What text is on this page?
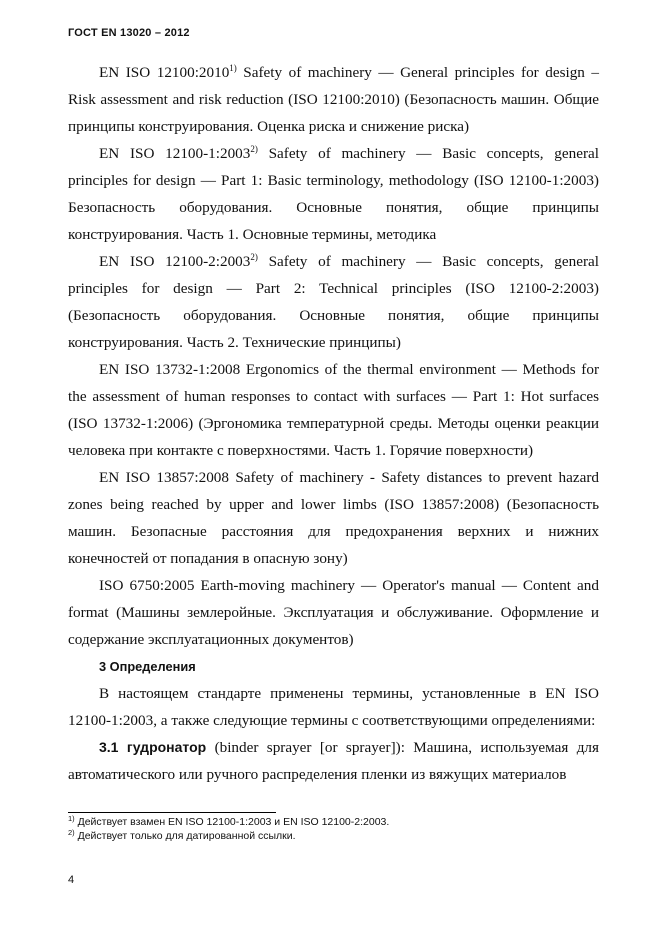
ГОСТ EN 13020 – 2012

EN ISO 12100:2010$^{1)}$ Safety of machinery — General principles for design – Risk assessment and risk reduction (ISO 12100:2010) (Безопасность машин. Общие принципы конструирования. Оценка риска и снижение риска)

EN ISO 12100-1:2003$^{2)}$ Safety of machinery — Basic concepts, general principles for design — Part 1: Basic terminology, methodology (ISO 12100-1:2003) Безопасность оборудования. Основные понятия, общие принципы конструирования. Часть 1. Основные термины, методика

EN ISO 12100-2:2003$^{2)}$ Safety of machinery — Basic concepts, general principles for design — Part 2: Technical principles (ISO 12100-2:2003) (Безопасность оборудования. Основные понятия, общие принципы конструирования. Часть 2. Технические принципы)

EN ISO 13732-1:2008 Ergonomics of the thermal environment — Methods for the assessment of human responses to contact with surfaces — Part 1: Hot surfaces (ISO 13732-1:2006) (Эргономика температурной среды. Методы оценки реакции человека при контакте с поверхностями. Часть 1. Горячие поверхности)

EN ISO 13857:2008 Safety of machinery - Safety distances to prevent hazard zones being reached by upper and lower limbs (ISO 13857:2008) (Безопасность машин. Безопасные расстояния для предохранения верхних и нижних конечностей от попадания в опасную зону)

ISO 6750:2005 Earth-moving machinery — Operator's manual — Content and format (Машины землеройные. Эксплуатация и обслуживание. Оформление и содержание эксплуатационных документов)

3 Определения

В настоящем стандарте применены термины, установленные в EN ISO 12100-1:2003, а также следующие термины с соответствующими определениями:

3.1 гудронатор (binder sprayer [or sprayer]): Машина, используемая для автоматического или ручного распределения пленки из вяжущих материалов

$^{1)}$ Действует взамен EN ISO 12100-1:2003 и EN ISO 12100-2:2003.
$^{2)}$ Действует только для датированной ссылки.
4
